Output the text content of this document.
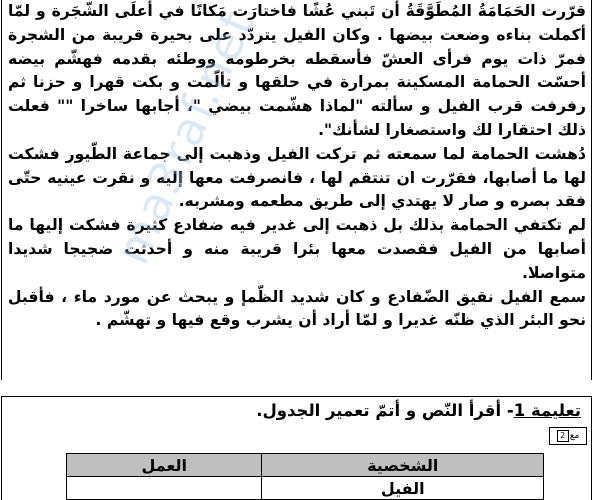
قرّرت الحَمَامَةُ المُطَوَّقَةُ أن تَبني عُشًا فاختارَت مَكانًا في أعلَى الشّجَرة و لمّا أكملت بناءه وضعت بيضها . وكان الفيل يتردّد على بحيرة قريبة من الشجرة فمرّ ذات يوم فرأى العشّ فأسقطه بخرطومه ووطئه بقدمه فهشّم بيضه أحسّت الحمامة المسكينة بمرارة في حلقها و تألّمت و بكت قهرا و حزنا ثم رفرفت قرب الفيل و سألته "لماذا هشّمت بيضي "، أجابها ساخرا "" فعلت ذلك احتقارا لك واستصغارا لشأنك".

دُهشت الحمامة لما سمعته ثم تركت الفيل وذهبت إلى جماعة الطّيور فشكت لها ما أصابها، فقرّرت ان تنتقم لها ، فانصرفت معها إليه و نقرت عينيه حتّى فقد بصره و صار لا يهتدي إلى طريق مطعمه ومشربه.

لم تكتفي الحمامة بذلك بل ذهبت إلى غدير فيه ضفادع كثيرة فشكت إليها ما أصابها من الفيل فقصدت معها بئرا قريبة منه و أحدثت ضجيجا شديدا متواصلا.

سمع الفيل نقيق الضّفادع و كان شديد الظّمإ و يبحث عن مورد ماء ، فأقبل نحو البئر الذي ظنّه غديرا و لمّا أراد أن يشرب وقع فيها و تهشّم .

ma3raf.net
تعليمة 1- أقرأ النّص و أتمّ تعمير الجدول.
مع
2
الشخصية	العمل
الفيل	
